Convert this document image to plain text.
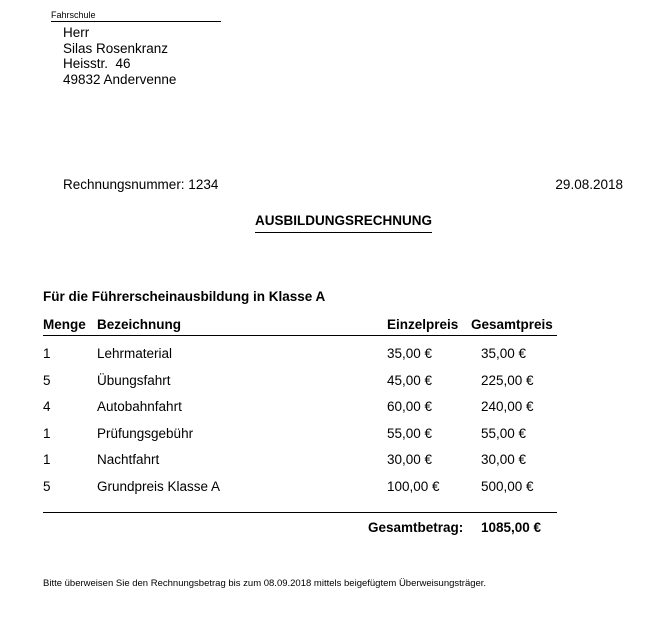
Fahrschule
Herr
Silas Rosenkranz
Heisstr.  46
49832 Andervenne
Rechnungsnummer: 1234	29.08.2018
AUSBILDUNGSRECHNUNG
Für die Führerscheinausbildung in Klasse A
Menge Bezeichnung	Einzelpreis Gesamtpreis
1	Lehrmaterial	35,00 €	35,00 €
5	Übungsfahrt	45,00 €	225,00 €
4	Autobahnfahrt	60,00 €	240,00 €
1	Prüfungsgebühr	55,00 €	55,00 €
1	Nachtfahrt	30,00 €	30,00 €
5	Grundpreis Klasse A	100,00 €	500,00 €
Gesamtbetrag: 1085,00 €
Bitte überweisen Sie den Rechnungsbetrag bis zum 08.09.2018 mittels beigefügtem Überweisungsträger.
